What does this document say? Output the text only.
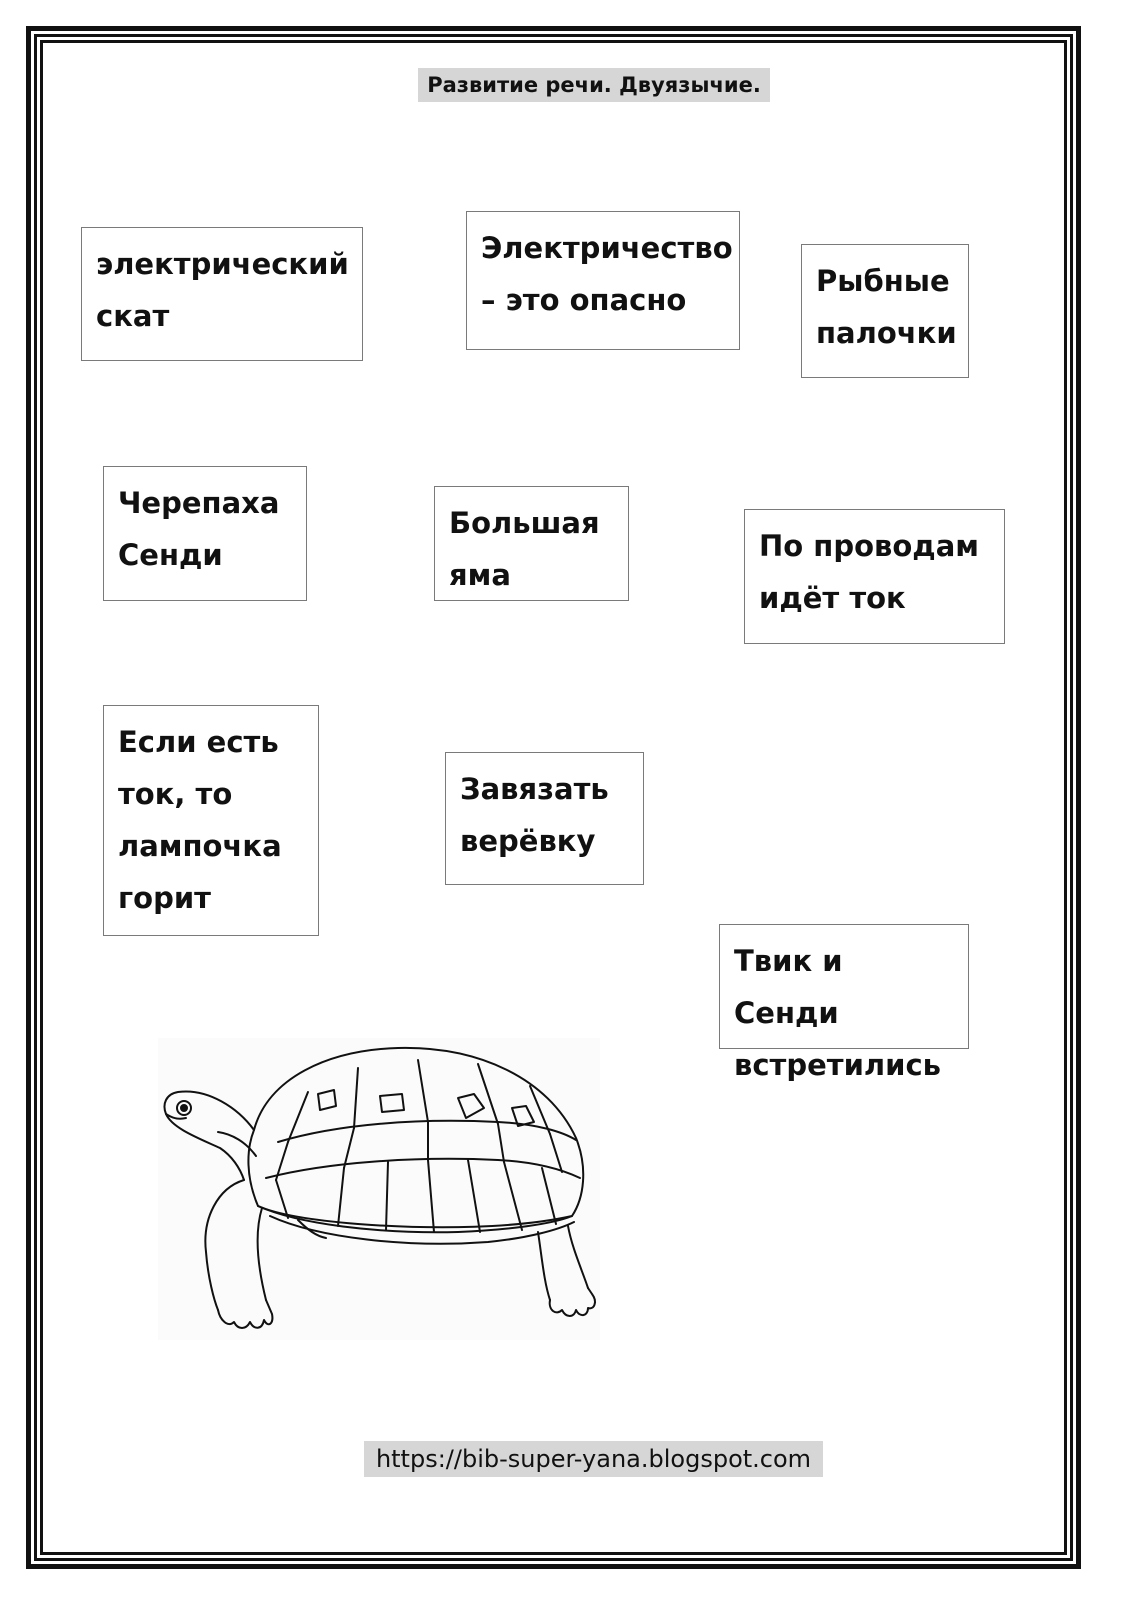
Развитие речи. Двуязычие.
электрический
скат
Электричество
– это опасно
Рыбные
палочки
Черепаха
Сенди
Большая
яма
По проводам
идёт ток
Если есть
ток, то
лампочка
горит
Завязать
верёвку
Твик и Сенди
встретились
https://bib-super-yana.blogspot.com
